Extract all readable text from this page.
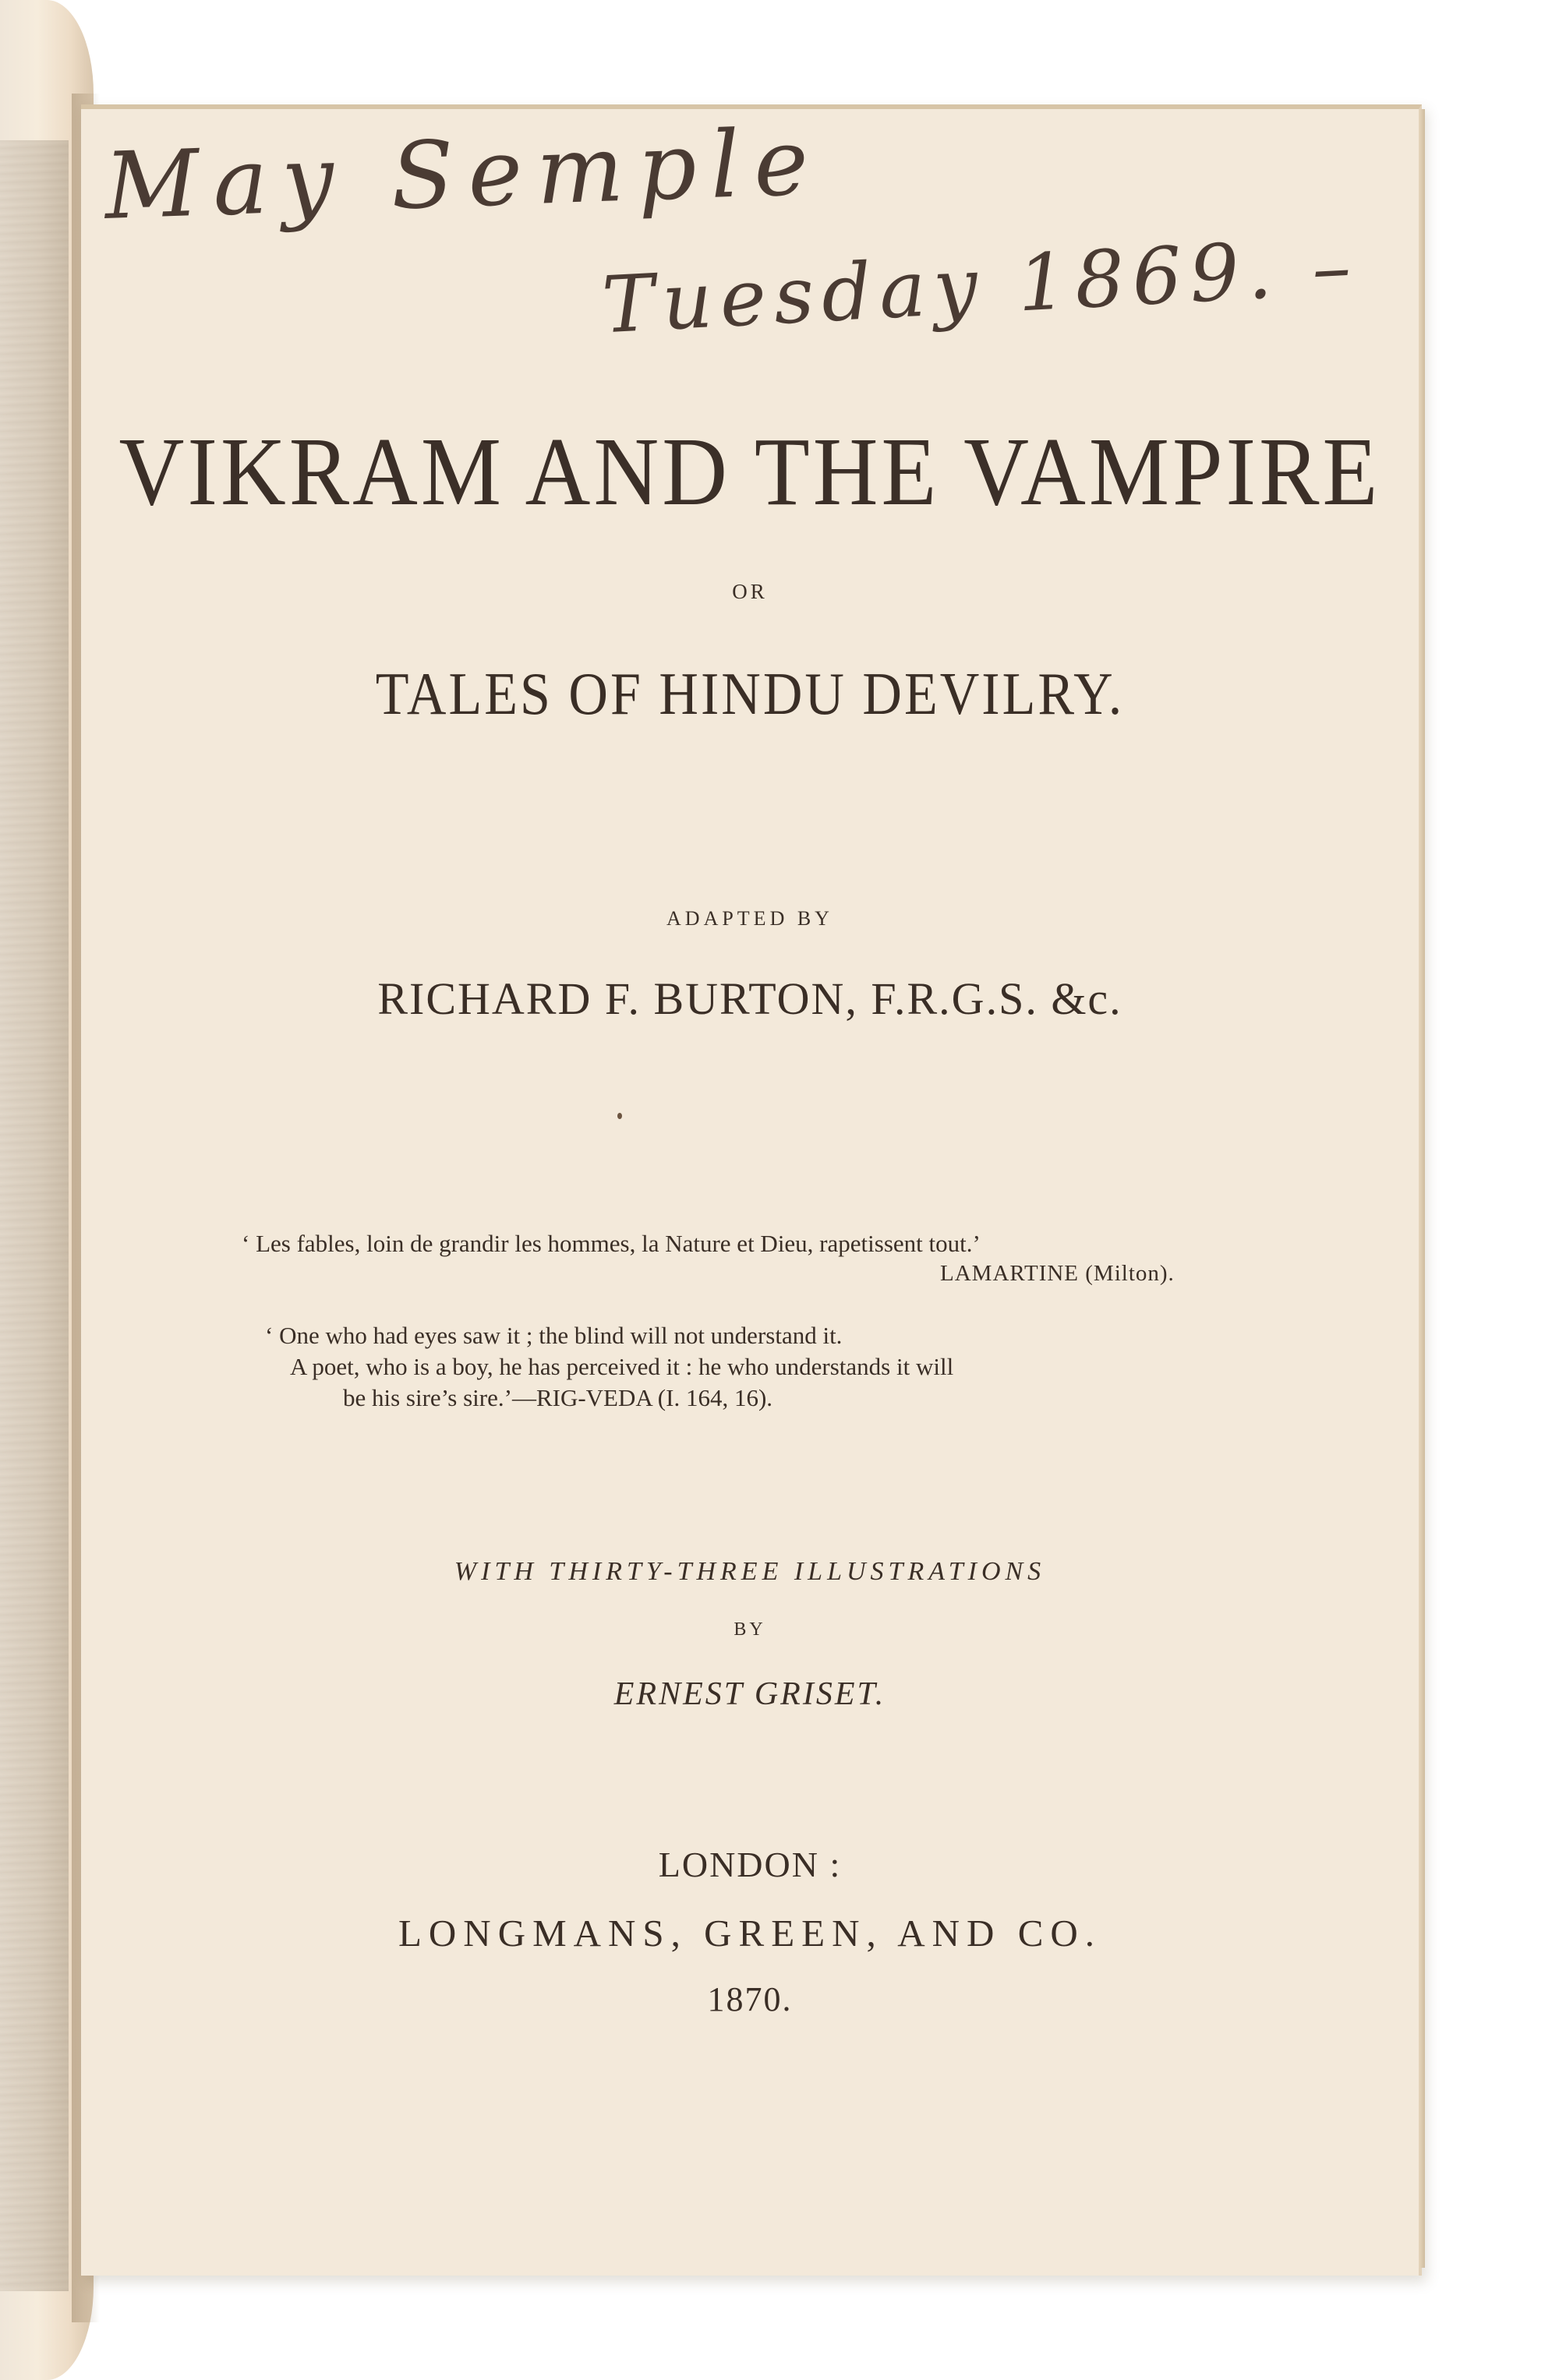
May Semple
Tuesday 1869. –

VIKRAM AND THE VAMPIRE

OR

TALES OF HINDU DEVILRY.

ADAPTED BY

RICHARD F. BURTON, F.R.G.S. &c.

‘ Les fables, loin de grandir les hommes, la Nature et Dieu, rapetissent tout.’

LAMARTINE (Milton).

‘ One who had eyes saw it ; the blind will not understand it.

A poet, who is a boy, he has perceived it : he who understands it will

be his sire’s sire.’—RIG-VEDA (I. 164, 16).

WITH THIRTY-THREE ILLUSTRATIONS

BY

ERNEST GRISET.

LONDON :

LONGMANS, GREEN, AND CO.

1870.
